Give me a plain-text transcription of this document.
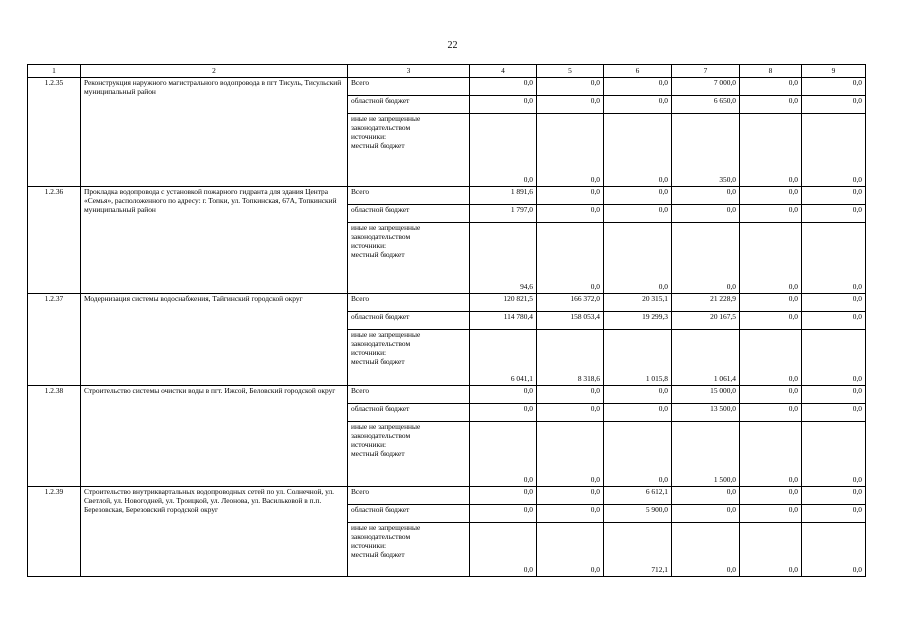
22
1	2	3	4	5	6	7	8	9
1.2.35	Реконструкция наружного магистрального водопровода в пгт Тисуль, Тисульский муниципальный район	Всего	0,0	0,0	0,0	7 000,0	0,0	0,0
		областной бюджет	0,0	0,0	0,0	6 650,0	0,0	0,0

		иные не запрещенные
законодательством
источники:
местный бюджет	0,0	0,0	0,0	350,0	0,0	0,0
1.2.36	Прокладка водопровода с установкой пожарного гидранта для здания Центра «Семья», расположенного по адресу: г. Топки, ул. Топкинская, 67А, Топкинский муниципальный район	Всего	1 891,6	0,0	0,0	0,0	0,0	0,0
		областной бюджет	1 797,0	0,0	0,0	0,0	0,0	0,0

		иные не запрещенные
законодательством
источники:
местный бюджет	94,6	0,0	0,0	0,0	0,0	0,0
1.2.37	Модернизация системы водоснабжения, Тайгинский городской округ	Всего	120 821,5	166 372,0	20 315,1	21 228,9	0,0	0,0
		областной бюджет	114 780,4	158 053,4	19 299,3	20 167,5	0,0	0,0

		иные не запрещенные
законодательством
источники:
местный бюджет	6 041,1	8 318,6	1 015,8	1 061,4	0,0	0,0
1.2.38	Строительство системы очистки воды в пгт. Ижсой, Беловский городской округ	Всего	0,0	0,0	0,0	15 000,0	0,0	0,0
		областной бюджет	0,0	0,0	0,0	13 500,0	0,0	0,0

		иные не запрещенные
законодательством
источники:
местный бюджет	0,0	0,0	0,0	1 500,0	0,0	0,0
1.2.39	Строительство внутриквартальных водопроводных сетей по ул. Солнечной, ул. Светлой, ул. Новогодней, ул. Троицкой, ул. Леонова, ул. Васильковой в п.п. Березовская, Березовский городской округ	Всего	0,0	0,0	6 612,1	0,0	0,0	0,0
		областной бюджет	0,0	0,0	5 900,0	0,0	0,0	0,0

		иные не запрещенные
законодательством
источники:
местный бюджет	0,0	0,0	712,1	0,0	0,0	0,0
